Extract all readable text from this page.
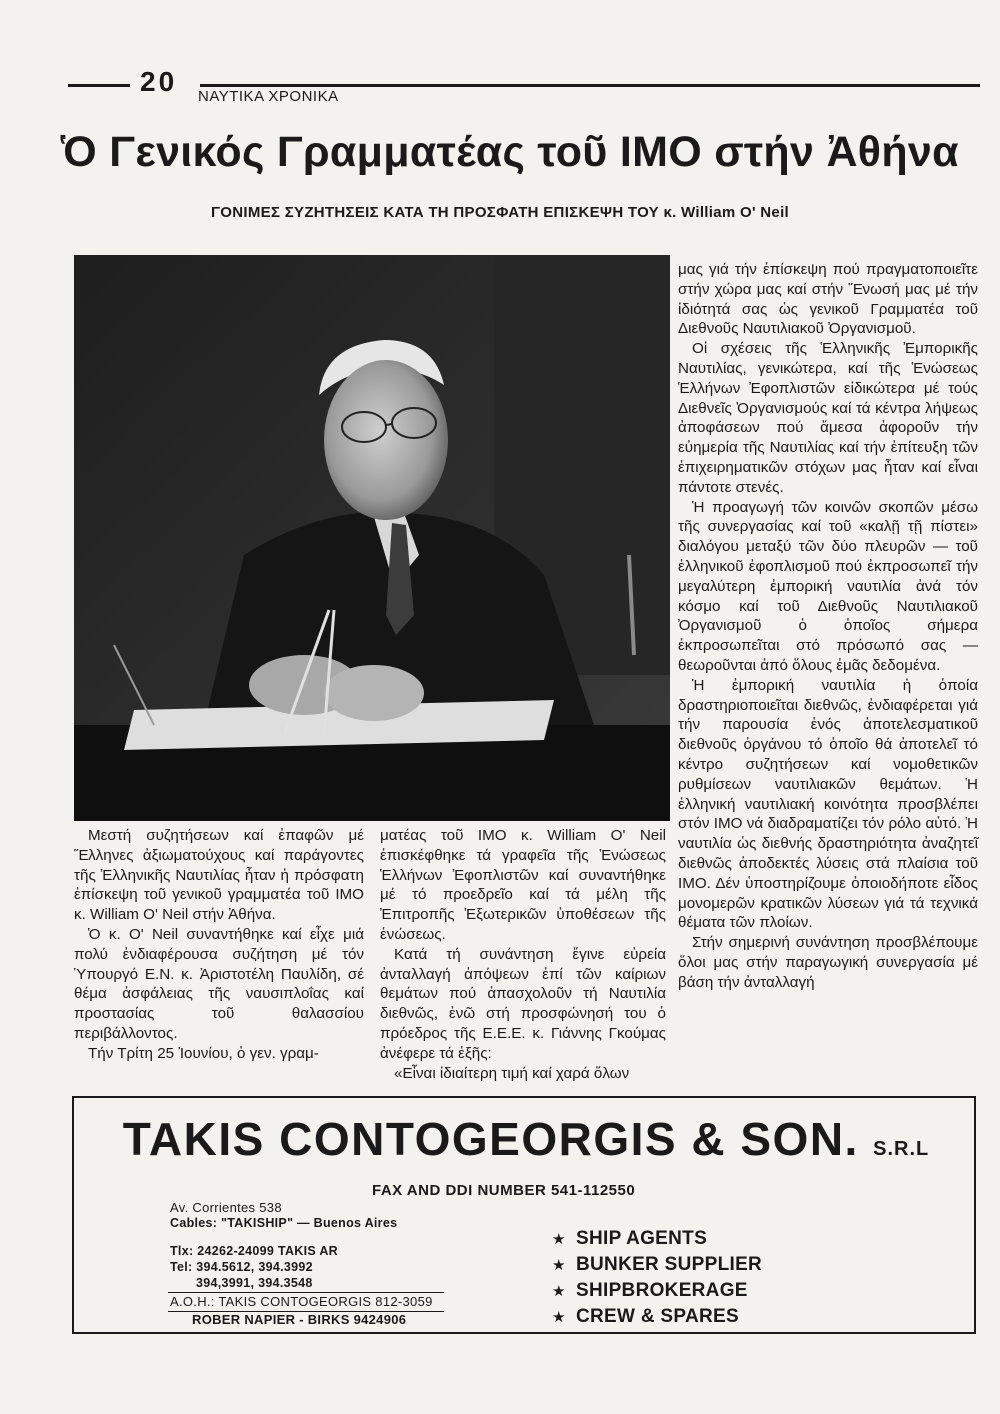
20 ΝΑΥΤΙΚΑ ΧΡΟΝΙΚΑ
Ὁ Γενικός Γραμματέας τοῦ ΙΜΟ στήν Ἀθήνα
ΓΟΝΙΜΕΣ ΣΥΖΗΤΗΣΕΙΣ ΚΑΤΑ ΤΗ ΠΡΟΣΦΑΤΗ ΕΠΙΣΚΕΨΗ ΤΟΥ κ. William O' Neil

μας γιά τήν ἐπίσκεψη πού πραγματοποιεῖτε στήν χώρα μας καί στήν Ἕνωσή μας μέ τήν ἰδιότητά σας ὡς γενικοῦ Γραμματέα τοῦ Διεθνοῦς Ναυτιλιακοῦ Ὀργανισμοῦ.

Οἱ σχέσεις τῆς Ἑλληνικῆς Ἐμπορικῆς Ναυτιλίας, γενικώτερα, καί τῆς Ἑνώσεως Ἑλλήνων Ἐφοπλιστῶν εἰδικώτερα μέ τούς Διεθνεῖς Ὀργανισμούς καί τά κέντρα λήψεως ἀποφάσεων πού ἄμεσα ἀφοροῦν τήν εὐημερία τῆς Ναυτιλίας καί τήν ἐπίτευξη τῶν ἐπιχειρηματικῶν στόχων μας ἦταν καί εἶναι πάντοτε στενές.

Ἡ προαγωγή τῶν κοινῶν σκοπῶν μέσω τῆς συνεργασίας καί τοῦ «καλῇ τῇ πίστει» διαλόγου μεταξύ τῶν δύο πλευρῶν — τοῦ ἑλληνικοῦ ἐφοπλισμοῦ πού ἐκπροσωπεῖ τήν μεγαλύτερη ἐμπορική ναυτιλία ἀνά τόν κόσμο καί τοῦ Διεθνοῦς Ναυτιλιακοῦ Ὀργανισμοῦ ὁ ὁποῖος σήμερα ἐκπροσωπεῖται στό πρόσωπό σας — θεωροῦνται ἀπό ὅλους ἐμᾶς δεδομένα.

Ἡ ἐμπορική ναυτιλία ἡ ὁποία δραστηριοποιεῖται διεθνῶς, ἐνδιαφέρεται γιά τήν παρουσία ἑνός ἀποτελεσματικοῦ διεθνοῦς ὀργάνου τό ὁποῖο θά ἀποτελεῖ τό κέντρο συζητήσεων καί νομοθετικῶν ρυθμίσεων ναυτιλιακῶν θεμάτων. Ἡ ἑλληνική ναυτιλιακή κοινότητα προσβλέπει στόν ΙΜΟ νά διαδραματίζει τόν ρόλο αὐτό. Ἡ ναυτιλία ὡς διεθνής δραστηριότητα ἀναζητεῖ διεθνῶς ἀποδεκτές λύσεις στά πλαίσια τοῦ ΙΜΟ. Δέν ὑποστηρίζουμε ὁποιοδήποτε εἶδος μονομερῶν κρατικῶν λύσεων γιά τά τεχνικά θέματα τῶν πλοίων.

Στήν σημερινή συνάντηση προσβλέπουμε ὅλοι μας στήν παραγωγική συνεργασία μέ βάση τήν ἀνταλλαγή

Μεστή συζητήσεων καί ἐπαφῶν μέ Ἕλληνες ἀξιωματούχους καί παράγοντες τῆς Ἑλληνικῆς Ναυτιλίας ἦταν ἡ πρόσφατη ἐπίσκεψη τοῦ γενικοῦ γραμματέα τοῦ ΙΜΟ κ. William O' Neil στήν Ἀθήνα.

Ὁ κ. O' Neil συναντήθηκε καί εἶχε μιά πολύ ἐνδιαφέρουσα συζήτηση μέ τόν Ὑπουργό Ε.Ν. κ. Ἀριστοτέλη Παυλίδη, σέ θέμα ἀσφάλειας τῆς ναυσιπλοΐας καί προστασίας τοῦ θαλασσίου περιβάλλοντος.

Τήν Τρίτη 25 Ἰουνίου, ὁ γεν. γραμ-

ματέας τοῦ ΙΜΟ κ. William O' Neil ἐπισκέφθηκε τά γραφεῖα τῆς Ἑνώσεως Ἑλλήνων Ἐφοπλιστῶν καί συναντήθηκε μέ τό προεδρεῖο καί τά μέλη τῆς Ἐπιτροπῆς Ἐξωτερικῶν ὑποθέσεων τῆς ἑνώσεως.

Κατά τή συνάντηση ἔγινε εὐρεία ἀνταλλαγή ἀπόψεων ἐπί τῶν καίριων θεμάτων πού ἀπασχολοῦν τή Ναυτιλία διεθνῶς, ἐνῶ στή προσφώνησή του ὁ πρόεδρος τῆς Ε.Ε.Ε. κ. Γιάννης Γκούμας ἀνέφερε τά ἑξῆς:

«Εἶναι ἰδιαίτερη τιμή καί χαρά ὅλων

TAKIS CONTOGEORGIS & SON. S.R.L
FAX AND DDI NUMBER 541-112550
Av. Corrientes 538
Cables: "TAKISHIP" — Buenos Aires
Tlx: 24262-24099 TAKIS AR
Tel: 394.5612, 394.3992
394,3991, 394.3548
A.O.H.: TAKIS CONTOGEORGIS 812-3059
ROBER NAPIER - BIRKS 9424906
★ SHIP AGENTS
★ BUNKER SUPPLIER
★ SHIPBROKERAGE
★ CREW & SPARES
